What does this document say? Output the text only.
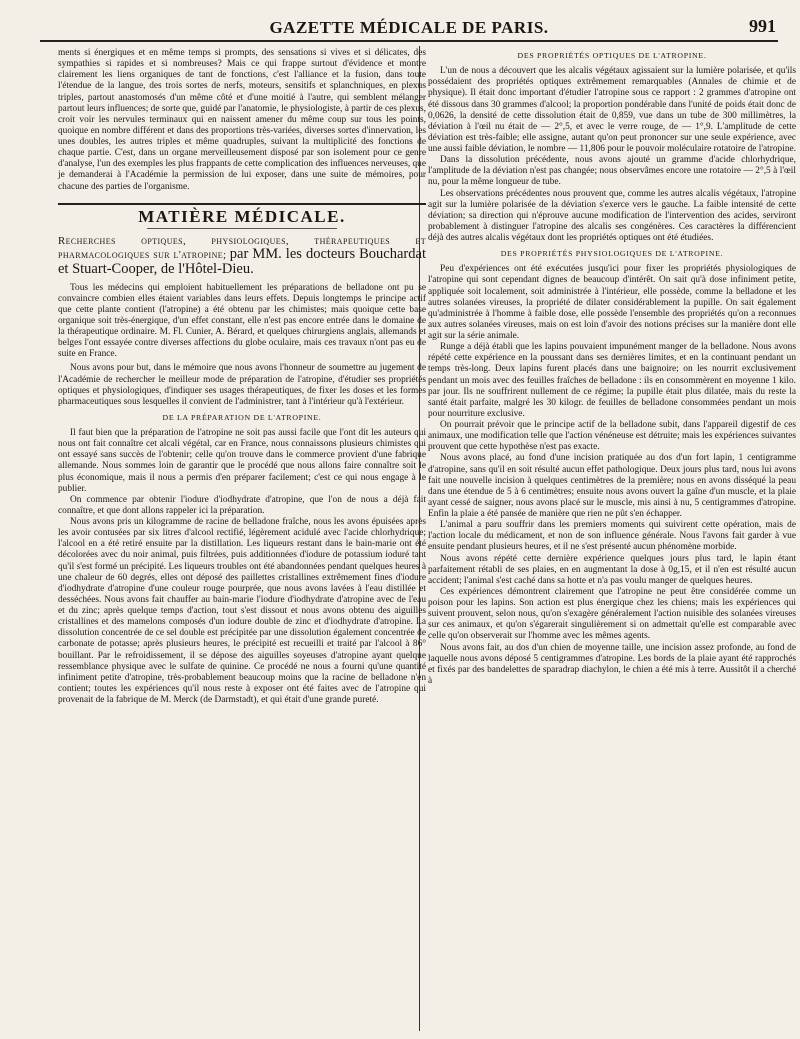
GAZETTE MÉDICALE DE PARIS.	991

ments si énergiques et en même temps si prompts, des sensations si vives et si délicates, des sympathies si rapides et si nombreuses? Mais ce qui frappe surtout d'évidence et montre clairement les liens organiques de tant de fonctions, c'est l'alliance et la fusion, dans toute l'étendue de la langue, des trois sortes de nerfs, moteurs, sensitifs et splanchniques, en plexus triples, partout anastomosés d'un même côté et d'une moitié à l'autre, qui semblent mélanger partout leurs influences; de sorte que, guidé par l'anatomie, le physiologiste, à partir de ces plexus, croit voir les nervules terminaux qui en naissent amener du même coup sur tous les points, quoique en nombre différent et dans des proportions très-variées, diverses sortes d'innervation, les unes doubles, les autres triples et même quadruples, suivant la multiplicité des fonctions de chaque partie. C'est, dans un organe merveilleusement disposé par son isolement pour ce genre d'analyse, l'un des exemples les plus frappants de cette complication des influences nerveuses, que je demanderai à l'Académie la permission de lui exposer, dans une suite de mémoires, pour chacune des parties de l'organisme.

MATIÈRE MÉDICALE.
Recherches optiques, physiologiques, thérapeutiques et pharmacologiques sur l'atropine; par MM. les docteurs Bouchardat et Stuart-Cooper, de l'Hôtel-Dieu.

Tous les médecins qui emploient habituellement les préparations de belladone ont pu se convaincre combien elles étaient variables dans leurs effets. Depuis longtemps le principe actif que cette plante contient (l'atropine) a été obtenu par les chimistes; mais quoique cette base organique soit très-énergique, d'un effet constant, elle n'est pas encore entrée dans le domaine de la thérapeutique ordinaire. M. Fl. Cunier, A. Bérard, et quelques chirurgiens anglais, allemands et belges l'ont essayée contre diverses affections du globe oculaire, mais ces travaux n'ont pas eu de suite en France.

Nous avons pour but, dans le mémoire que nous avons l'honneur de soumettre au jugement de l'Académie de rechercher le meilleur mode de préparation de l'atropine, d'étudier ses propriétés optiques et physiologiques, d'indiquer ses usages thérapeutiques, de fixer les doses et les formes pharmaceutiques sous lesquelles il convient de l'administrer, tant à l'intérieur qu'à l'extérieur.

DE LA PRÉPARATION DE L'ATROPINE.

Il faut bien que la préparation de l'atropine ne soit pas aussi facile que l'ont dit les auteurs qui nous ont fait connaître cet alcali végétal, car en France, nous connaissons plusieurs chimistes qui ont essayé sans succès de l'obtenir; celle qu'on trouve dans le commerce provient d'une fabrique allemande. Nous sommes loin de garantir que le procédé que nous allons faire connaître soit le plus économique, mais il nous a permis d'en préparer facilement; c'est ce qui nous engage à le publier.

On commence par obtenir l'iodure d'iodhydrate d'atropine, que l'on de nous a déjà fait connaître, et que dont allons rappeler ici la préparation.

Nous avons pris un kilogramme de racine de belladone fraîche, nous les avons épuisées après les avoir contusées par six litres d'alcool rectifié, légèrement acidulé avec l'acide chlorhydrique; l'alcool en a été retiré ensuite par la distillation. Les liqueurs restant dans le bain-marie ont été décolorées avec du noir animal, puis filtrées, puis additionnées d'iodure de potassium ioduré tant qu'il s'est formé un précipité. Les liqueurs troubles ont été abandonnées pendant quelques heures à une chaleur de 60 degrés, elles ont déposé des paillettes cristallines extrêmement fines d'iodure d'iodhydrate d'atropine d'une couleur rouge pourprée, que nous avons lavées à l'eau distillée et desséchées. Nous avons fait chauffer au bain-marie l'iodure d'iodhydrate d'atropine avec de l'eau et du zinc; après quelque temps d'action, tout s'est dissout et nous avons obtenu des aiguilles cristallines et des mamelons composés d'un iodure double de zinc et d'iodhydrate d'atropine. La dissolution concentrée de ce sel double est précipitée par une dissolution également concentrée de carbonate de potasse; après plusieurs heures, le précipité est recueilli et traité par l'alcool à 86° bouillant. Par le refroidissement, il se dépose des aiguilles soyeuses d'atropine ayant quelque ressemblance physique avec le sulfate de quinine. Ce procédé ne nous a fourni qu'une quantité infiniment petite d'atropine, très-probablement beaucoup moins que la racine de belladone n'en contient; toutes les expériences qu'il nous reste à exposer ont été faites avec de l'atropine qui provenait de la fabrique de M. Merck (de Darmstadt), et qui était d'une grande pureté.

DES PROPRIÉTÉS OPTIQUES DE L'ATROPINE.

L'un de nous a découvert que les alcalis végétaux agissaient sur la lumière polarisée, et qu'ils possédaient des propriétés optiques extrêmement remarquables (Annales de chimie et de physique). Il était donc important d'étudier l'atropine sous ce rapport : 2 grammes d'atropine ont été dissous dans 30 grammes d'alcool; la proportion pondérable dans l'unité de poids était donc de 0,0626, la densité de cette dissolution était de 0,859, vue dans un tube de 300 millimètres, la déviation à l'œil nu était de — 2°,5, et avec le verre rouge, de — 1°,9. L'amplitude de cette déviation est très-faible; elle assigne, autant qu'on peut prononcer sur une seule expérience, avec une aussi faible déviation, le nombre — 11,806 pour le pouvoir moléculaire rotatoire de l'atropine.

Dans la dissolution précédente, nous avons ajouté un gramme d'acide chlorhydrique, l'amplitude de la déviation n'est pas changée; nous observâmes encore une rotatoire — 2°,5 à l'œil nu, pour la même longueur de tube.

Les observations précédentes nous prouvent que, comme les autres alcalis végétaux, l'atropine agit sur la lumière polarisée de la déviation s'exerce vers le gauche. La faible intensité de cette déviation; sa direction qui n'éprouve aucune modification de l'intervention des acides, serviront probablement à distinguer l'atropine des alcalis ses congénères. Ces caractères la différencient déjà des autres alcalis végétaux dont les propriétés optiques ont été étudiées.

DES PROPRIÉTÉS PHYSIOLOGIQUES DE L'ATROPINE.

Peu d'expériences ont été exécutées jusqu'ici pour fixer les propriétés physiologiques de l'atropine qui sont cependant dignes de beaucoup d'intérêt. On sait qu'à dose infiniment petite, appliquée soit localement, soit administrée à l'intérieur, elle possède, comme la belladone et les autres solanées vireuses, la propriété de dilater considérablement la pupille. On sait également qu'administrée à l'homme à faible dose, elle possède l'ensemble des propriétés qu'on a reconnues aux autres solanées vireuses, mais on est loin d'avoir des notions précises sur la manière dont elle agit sur la série animale.

Runge a déjà établi que les lapins pouvaient impunément manger de la belladone. Nous avons répété cette expérience en la poussant dans ses dernières limites, et en la continuant pendant un temps très-long. Deux lapins furent placés dans une baignoire; on les nourrit exclusivement pendant un mois avec des feuilles fraîches de belladone : ils en consommèrent en moyenne 1 kilo. par jour. Ils ne souffrirent nullement de ce régime; la pupille était plus dilatée, mais du reste la santé était parfaite, malgré les 30 kilogr. de feuilles de belladone consommées pendant un mois pour nourriture exclusive.

On pourrait prévoir que le principe actif de la belladone subit, dans l'appareil digestif de ces animaux, une modification telle que l'action vénéneuse est détruite; mais les expériences suivantes prouvent que cette hypothèse n'est pas exacte.

Nous avons placé, au fond d'une incision pratiquée au dos d'un fort lapin, 1 centigramme d'atropine, sans qu'il en soit résulté aucun effet pathologique. Deux jours plus tard, nous lui avons fait une nouvelle incision à quelques centimètres de la première; nous en avons disséqué la peau dans une étendue de 5 à 6 centimètres; ensuite nous avons ouvert la gaîne d'un muscle, et la plaie ayant cessé de saigner, nous avons placé sur le muscle, mis ainsi à nu, 5 centigrammes d'atropine. Enfin la plaie a été pansée de manière que rien ne pût s'en échapper.

L'animal a paru souffrir dans les premiers moments qui suivirent cette opération, mais de l'action locale du médicament, et non de son influence générale. Nous l'avons fait garder à vue ensuite pendant plusieurs heures, et il ne s'est présenté aucun phénomène morbide.

Nous avons répété cette dernière expérience quelques jours plus tard, le lapin étant parfaitement rétabli de ses plaies, en en augmentant la dose à 0g,15, et il n'en est résulté aucun accident; l'animal s'est caché dans sa hotte et n'a pas voulu manger de quelques heures.

Ces expériences démontrent clairement que l'atropine ne peut être considérée comme un poison pour les lapins. Son action est plus énergique chez les chiens; mais les expériences qui suivent prouvent, selon nous, qu'on s'exagère généralement l'action nuisible des solanées vireuses sur ces animaux, et qu'on s'égarerait singulièrement si on admettait qu'elle est comparable avec celle qu'on observerait sur l'homme avec les mêmes agents.

Nous avons fait, au dos d'un chien de moyenne taille, une incision assez profonde, au fond de laquelle nous avons déposé 5 centigrammes d'atropine. Les bords de la plaie ayant été rapprochés et fixés par des bandelettes de sparadrap diachylon, le chien a été mis à terre. Aussitôt il a cherché à
